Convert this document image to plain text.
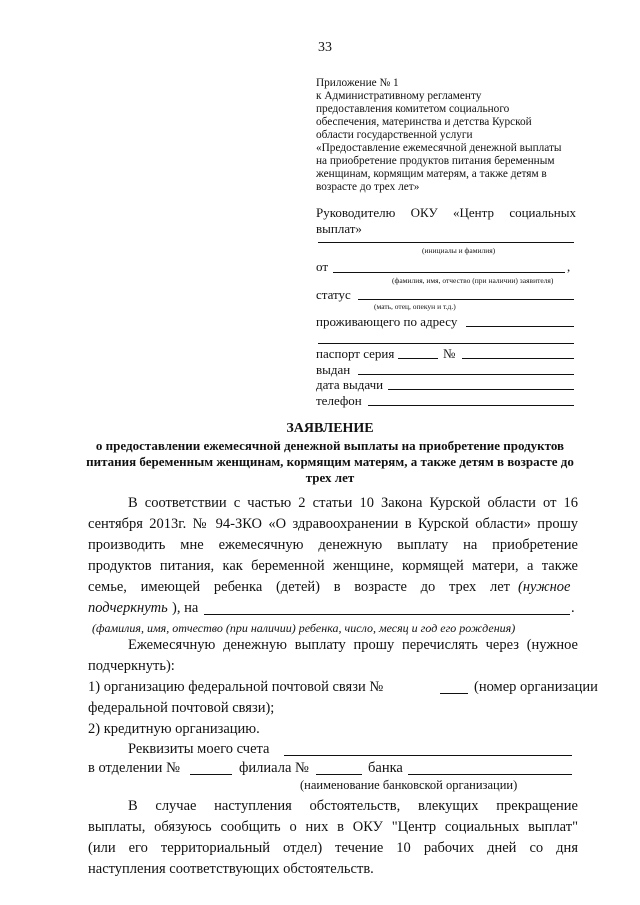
33
Приложение № 1
к Административному регламенту
предоставления комитетом социального
обеспечения, материнства и детства Курской
области государственной услуги
«Предоставление ежемесячной денежной выплаты
на приобретение продуктов питания беременным
женщинам, кормящим матерям, а также детям в
возрасте до трех лет»
Руководителю ОКУ «Центр социальных
выплат»
(инициалы и фамилия)
от	,
(фамилия, имя, отчество (при наличии) заявителя)
статус
(мать, отец, опекун и т.д.)
проживающего по адресу
паспорт серия	№
выдан
дата выдачи
телефон
ЗАЯВЛЕНИЕ
о предоставлении ежемесячной денежной выплаты на приобретение продуктов
питания беременным женщинам, кормящим матерям, а также детям в возрасте до
трех лет
В соответствии с частью 2 статьи 10 Закона Курской области от 16
сентября 2013г. № 94-ЗКО «О здравоохранении в Курской области» прошу
производить мне ежемесячную денежную выплату на приобретение
продуктов питания, как беременной женщине, кормящей матери, а также
семье, имеющей ребенка (детей) в возрасте до трех лет (нужное
подчеркнуть ), на	.
(фамилия, имя, отчество (при наличии) ребенка, число, месяц и год его рождения)
Ежемесячную денежную выплату прошу перечислять через (нужное
подчеркнуть):
1) организацию федеральной почтовой связи №	(номер организации
федеральной почтовой связи);
2) кредитную организацию.
Реквизиты моего счета
в отделении №	филиала №	банка
(наименование банковской организации)
В случае наступления обстоятельств, влекущих прекращение
выплаты, обязуюсь сообщить о них в ОКУ "Центр социальных выплат"
(или его территориальный отдел) течение 10 рабочих дней со дня
наступления соответствующих обстоятельств.
